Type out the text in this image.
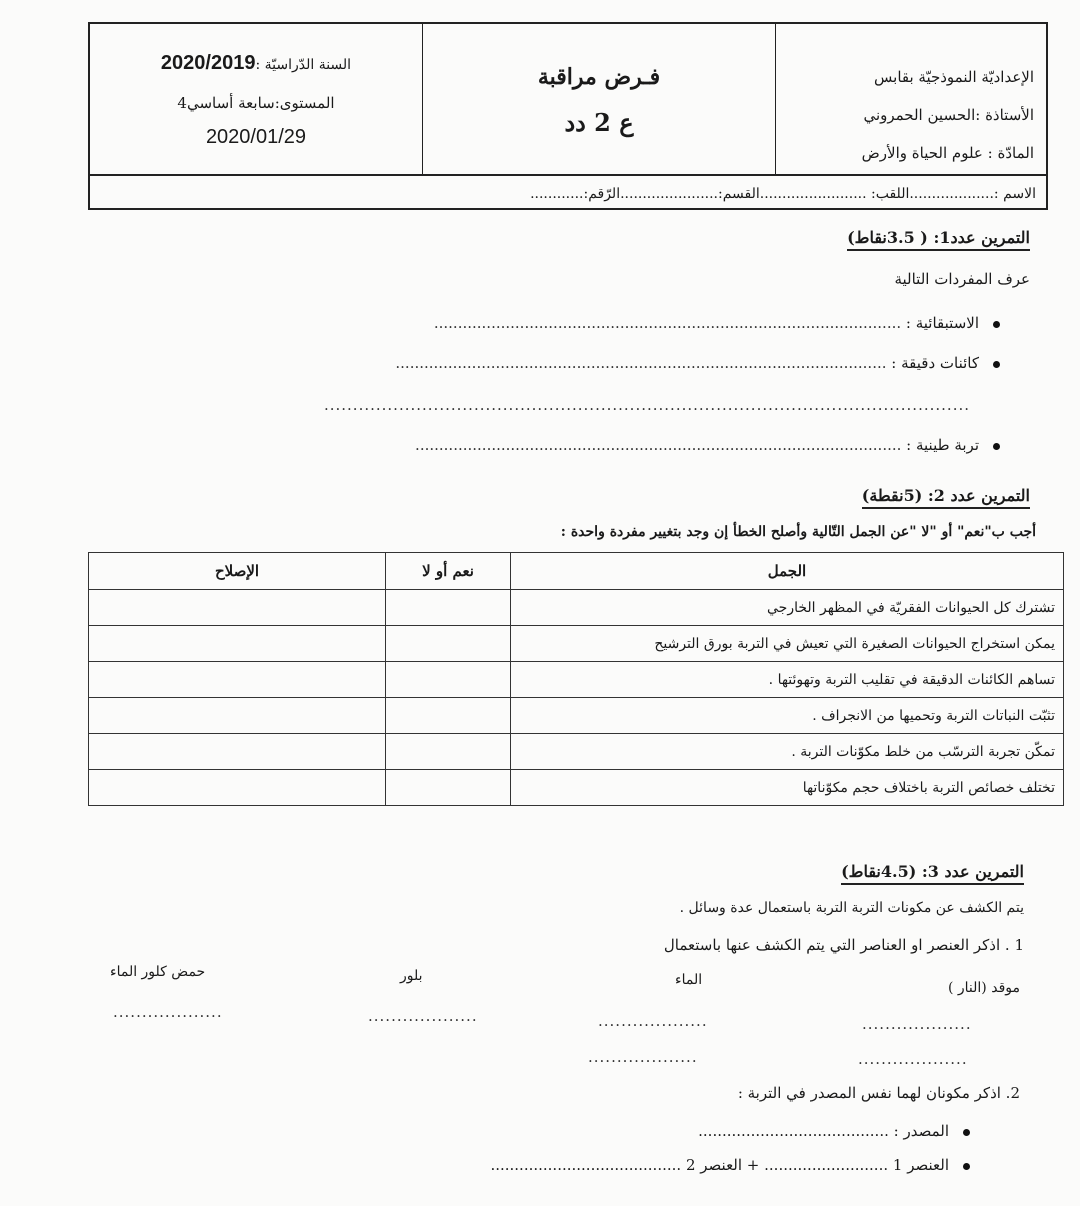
الإعداديّة النموذجيّة بقابس
الأستاذة :الحسين الحمروني
المادّة : علوم الحياة والأرض
فـرض مراقبة
ع 2 دد
السنة الدّراسيّة :2020/2019
المستوى:سابعة أساسي4
2020/01/29
الاسم :...................اللقب: ........................القسم:......................الرّقم:............
التمرين عدد1: ( 3.5نقاط)
عرف المفردات التالية
الاستبقائية : ..................................................................................................
كائنات دقيقة : .......................................................................................................
................................................................................................................
تربة طينية : ......................................................................................................
التمرين عدد 2: (5نقطة)
أجب ب"نعم" أو "لا "عن الجمل التّالية وأصلح الخطأ إن وجد بتغيير مفردة واحدة :
الجمل	نعم أو لا	الإصلاح
تشترك كل الحيوانات الفقريّة في المظهر الخارجي		
يمكن استخراج الحيوانات الصغيرة التي تعيش في التربة بورق الترشيح		
تساهم الكائنات الدقيقة في تقليب التربة وتهوئتها .		
تثبّت النباتات التربة وتحميها من الانجراف .		
تمكّن تجربة الترسّب من خلط مكوّنات التربة .		
تختلف خصائص التربة باختلاف حجم مكوّناتها		
التمرين عدد 3: (4.5نقاط)
يتم الكشف عن مكونات التربة التربة باستعمال عدة وسائل .
1 . اذكر العنصر او العناصر التي يتم الكشف عنها باستعمال
موقد (النار )
الماء
بلور
حمض كلور الماء
...................
...................
...................
...................
...................
...................
2. اذكر مكونان لهما نفس المصدر في التربة :
المصدر : ........................................
العنصر 1 .......................... + العنصر 2 ........................................
